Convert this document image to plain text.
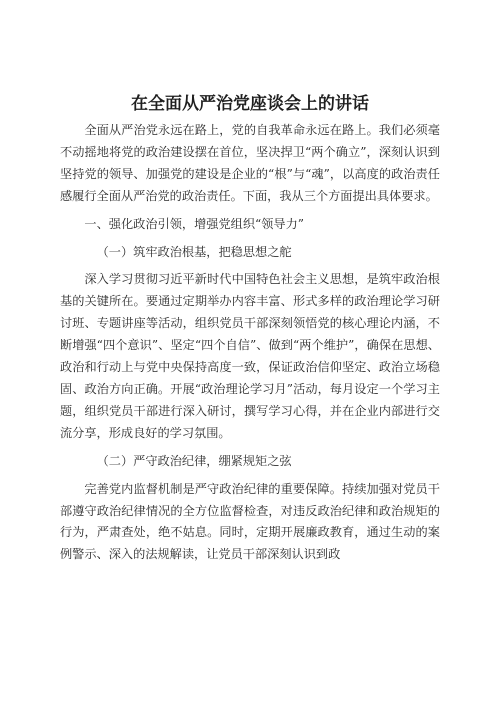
在全面从严治党座谈会上的讲话

全面从严治党永远在路上，党的自我革命永远在路上。我们必须毫不动摇地将党的政治建设摆在首位，坚决捍卫“两个确立”，深刻认识到坚持党的领导、加强党的建设是企业的“根”与“魂”，以高度的政治责任感履行全面从严治党的政治责任。下面，我从三个方面提出具体要求。

一、强化政治引领，增强党组织“领导力”

（一）筑牢政治根基，把稳思想之舵

深入学习贯彻习近平新时代中国特色社会主义思想，是筑牢政治根基的关键所在。要通过定期举办内容丰富、形式多样的政治理论学习研讨班、专题讲座等活动，组织党员干部深刻领悟党的核心理论内涵，不断增强“四个意识”、坚定“四个自信”、做到“两个维护”，确保在思想、政治和行动上与党中央保持高度一致，保证政治信仰坚定、政治立场稳固、政治方向正确。开展“政治理论学习月”活动，每月设定一个学习主题，组织党员干部进行深入研讨，撰写学习心得，并在企业内部进行交流分享，形成良好的学习氛围。

（二）严守政治纪律，绷紧规矩之弦

完善党内监督机制是严守政治纪律的重要保障。持续加强对党员干部遵守政治纪律情况的全方位监督检查，对违反政治纪律和政治规矩的行为，严肃查处，绝不姑息。同时，定期开展廉政教育，通过生动的案例警示、深入的法规解读，让党员干部深刻认识到政
